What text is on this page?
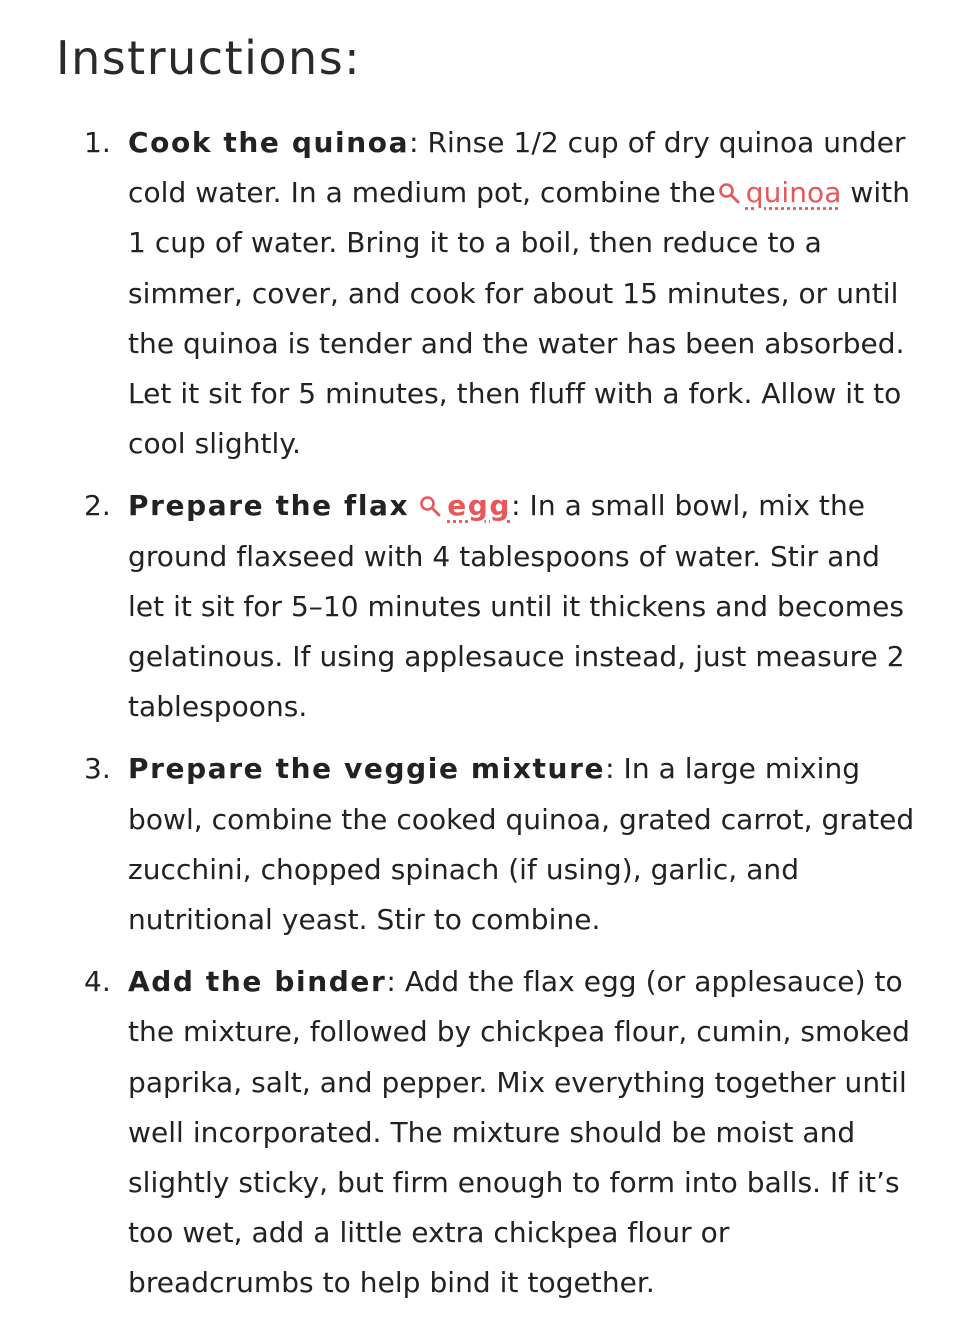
Instructions:
1. Cook the quinoa: Rinse 1/2 cup of dry quinoa under cold water. In a medium pot, combine the quinoa with 1 cup of water. Bring it to a boil, then reduce to a simmer, cover, and cook for about 15 minutes, or until the quinoa is tender and the water has been absorbed. Let it sit for 5 minutes, then fluff with a fork. Allow it to cool slightly.
2. Prepare the flax egg: In a small bowl, mix the ground flaxseed with 4 tablespoons of water. Stir and let it sit for 5–10 minutes until it thickens and becomes gelatinous. If using applesauce instead, just measure 2 tablespoons.
3. Prepare the veggie mixture: In a large mixing bowl, combine the cooked quinoa, grated carrot, grated zucchini, chopped spinach (if using), garlic, and nutritional yeast. Stir to combine.
4. Add the binder: Add the flax egg (or applesauce) to the mixture, followed by chickpea flour, cumin, smoked paprika, salt, and pepper. Mix everything together until well incorporated. The mixture should be moist and slightly sticky, but firm enough to form into balls. If it’s too wet, add a little extra chickpea flour or breadcrumbs to help bind it together.
